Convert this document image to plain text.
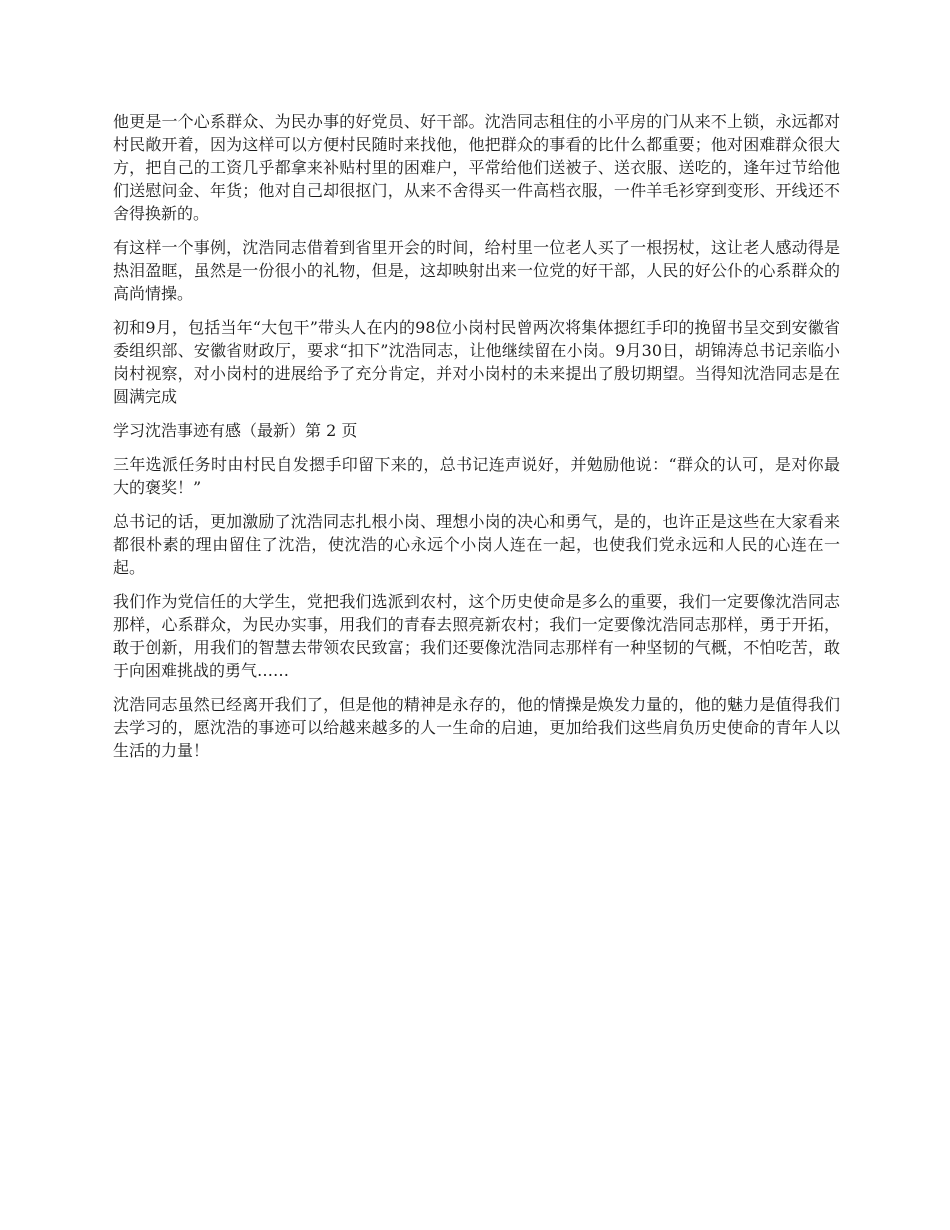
他更是一个心系群众、为民办事的好党员、好干部。沈浩同志租住的小平房的门从来不上锁，永远都对村民敞开着，因为这样可以方便村民随时来找他，他把群众的事看的比什么都重要；他对困难群众很大方，把自己的工资几乎都拿来补贴村里的困难户，平常给他们送被子、送衣服、送吃的，逢年过节给他们送慰问金、年货；他对自己却很抠门，从来不舍得买一件高档衣服，一件羊毛衫穿到变形、开线还不舍得换新的。

有这样一个事例，沈浩同志借着到省里开会的时间，给村里一位老人买了一根拐杖，这让老人感动得是热泪盈眶，虽然是一份很小的礼物，但是，这却映射出来一位党的好干部，人民的好公仆的心系群众的高尚情操。

初和9月，包括当年“大包干”带头人在内的98位小岗村民曾两次将集体摁红手印的挽留书呈交到安徽省委组织部、安徽省财政厅，要求“扣下”沈浩同志，让他继续留在小岗。9月30日，胡锦涛总书记亲临小岗村视察，对小岗村的进展给予了充分肯定，并对小岗村的未来提出了殷切期望。当得知沈浩同志是在圆满完成

学习沈浩事迹有感（最新）第 2 页

三年选派任务时由村民自发摁手印留下来的，总书记连声说好，并勉励他说：“群众的认可，是对你最大的褒奖！”

总书记的话，更加激励了沈浩同志扎根小岗、理想小岗的决心和勇气，是的，也许正是这些在大家看来都很朴素的理由留住了沈浩，使沈浩的心永远个小岗人连在一起，也使我们党永远和人民的心连在一起。

我们作为党信任的大学生，党把我们选派到农村，这个历史使命是多么的重要，我们一定要像沈浩同志那样，心系群众，为民办实事，用我们的青春去照亮新农村；我们一定要像沈浩同志那样，勇于开拓，敢于创新，用我们的智慧去带领农民致富；我们还要像沈浩同志那样有一种坚韧的气概，不怕吃苦，敢于向困难挑战的勇气……

沈浩同志虽然已经离开我们了，但是他的精神是永存的，他的情操是焕发力量的，他的魅力是值得我们去学习的，愿沈浩的事迹可以给越来越多的人一生命的启迪，更加给我们这些肩负历史使命的青年人以生活的力量！
